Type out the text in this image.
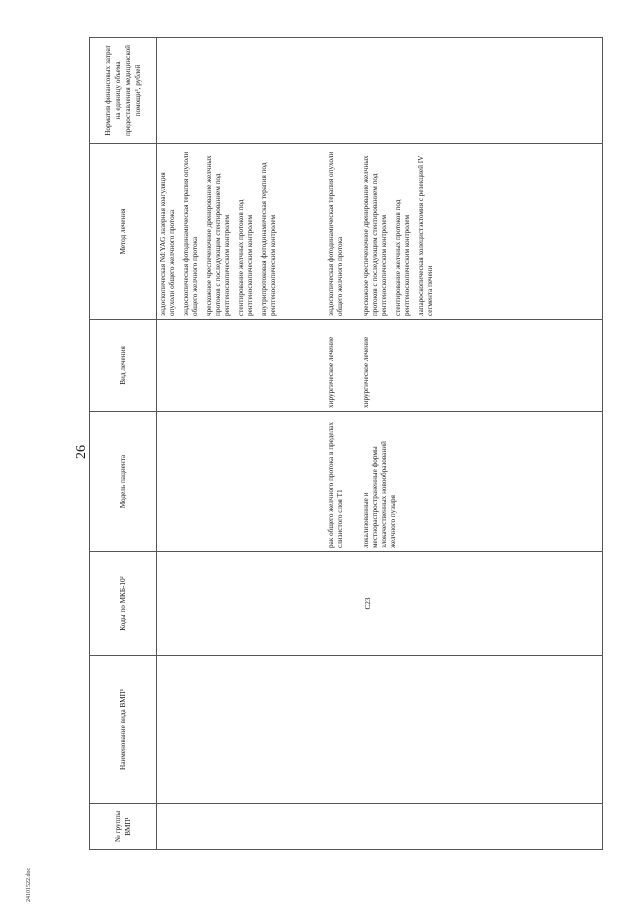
26
№ группы ВМП¹	Наименование вида ВМП¹	Коды по МКБ-10²	Модель пациента	Вид лечения	Метод лечения	Норматив финансовых затрат на единицу объема предоставления медицинской помощи³, рублей

					эндоскопическая Nd:YAG лазерная коагуляция опухоли общего желчного протока эндоскопическая фотодинамическая терапия опухоли общего желчного протока чрескожное чреспеченочное дренирование желчных протоков с последующим стентированием под рентгеноскопическим контролем стентирование желчных протоков под рентгеноскопическим контролем внутрипротоковая фотодинамическая терапия под рентгеноскопическим контролем	

			рак общего желчного протока в пределах слизистого слоя Т1	хирургическое лечение	эндоскопическая фотодинамическая терапия опухоли общего желчного протока	

		С23	локализованные и местнораспространенные формы злокачественных новообразований желчного пузыря	хирургическое лечение	чрескожное чреспеченочное дренирование желчных протоков с последующим стентированием под рентгеноскопическим контролем стентирование желчных протоков под рентгеноскопическим контролем лапароскопическая холецистэктомия с резекцией IV сегмента печени	

24101522.doc
